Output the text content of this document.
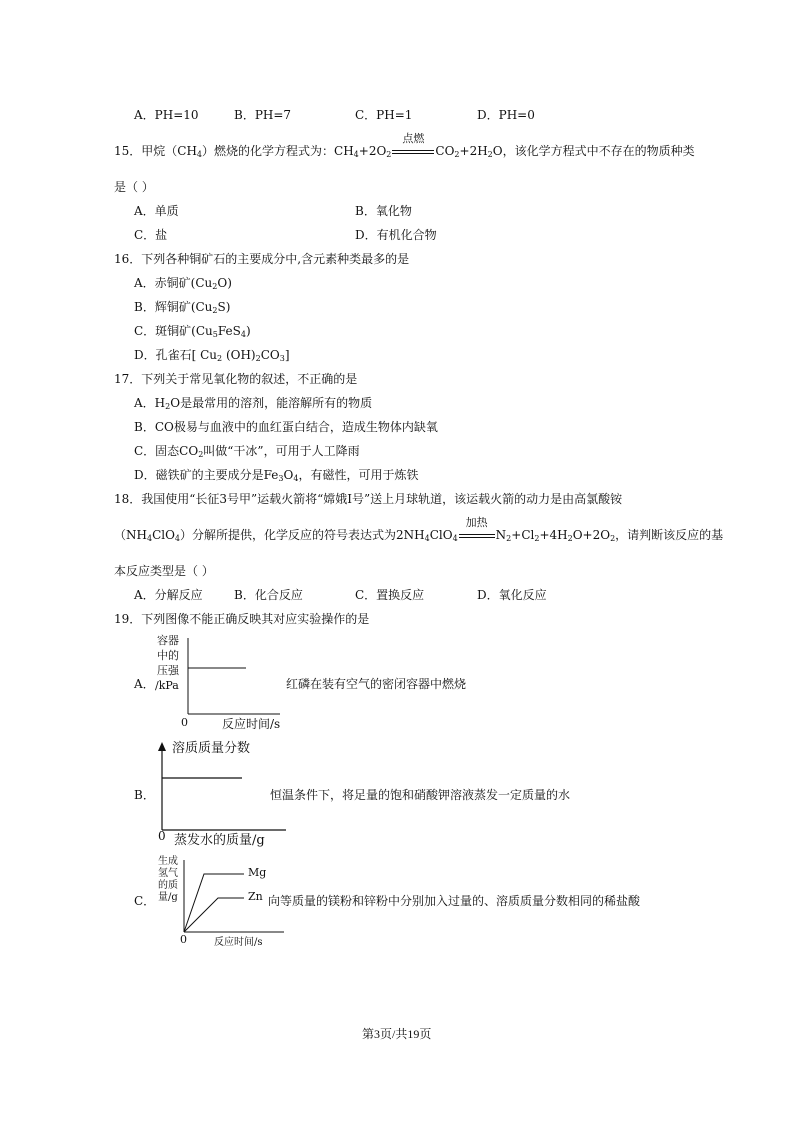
A．PH=10	B．PH=7	C．PH=1	D．PH=0
15．甲烷$(CH_4)$燃烧的化学方程式为：$CH_4+2O_2$
点燃
$CO_2+2H_2O$，该化学方程式中不存在的物质种类
是（ ）
A．单质	B．氧化物
C．盐	D．有机化合物
16．下列各种铜矿石的主要成分中,含元素种类最多的是
A．赤铜矿$(Cu_2O)$
B．辉铜矿$(Cu_2S)$
C．斑铜矿$(Cu_5FeS_4)$
D．孔雀石[ $Cu_2$ $(OH)_2CO_3$]
17．下列关于常见氧化物的叙述，不正确的是
A．$H_2O$是最常用的溶剂，能溶解所有的物质
B．CO极易与血液中的血红蛋白结合，造成生物体内缺氧
C．固态$CO_2$叫做“干冰”，可用于人工降雨
D．磁铁矿的主要成分是$Fe_3O_4$，有磁性，可用于炼铁
18．我国使用“长征3号甲”运载火箭将“嫦娥Ⅰ号”送上月球轨道，该运载火箭的动力是由高氯酸铵
$(NH_4ClO_4)$分解所提供，化学反应的符号表达式为$2NH_4ClO_4$
加热
$N_2+Cl_2+4H_2O+2O_2$，请判断该反应的基
本反应类型是（ ）
A．分解反应	B．化合反应	C．置换反应	D．氧化反应
19．下列图像不能正确反映其对应实验操作的是
A．
容器 中的 压强 /kPa
0	反应时间/s
红磷在装有空气的密闭容器中燃烧
B．
溶质质量分数
0 蒸发水的质量/g
恒温条件下，将足量的饱和硝酸钾溶液蒸发一定质量的水
C．
生成 氢气 的质 量/g
Mg
Zn
0	反应时间/s
向等质量的镁粉和锌粉中分别加入过量的、溶质质量分数相同的稀盐酸
第3页/共19页
